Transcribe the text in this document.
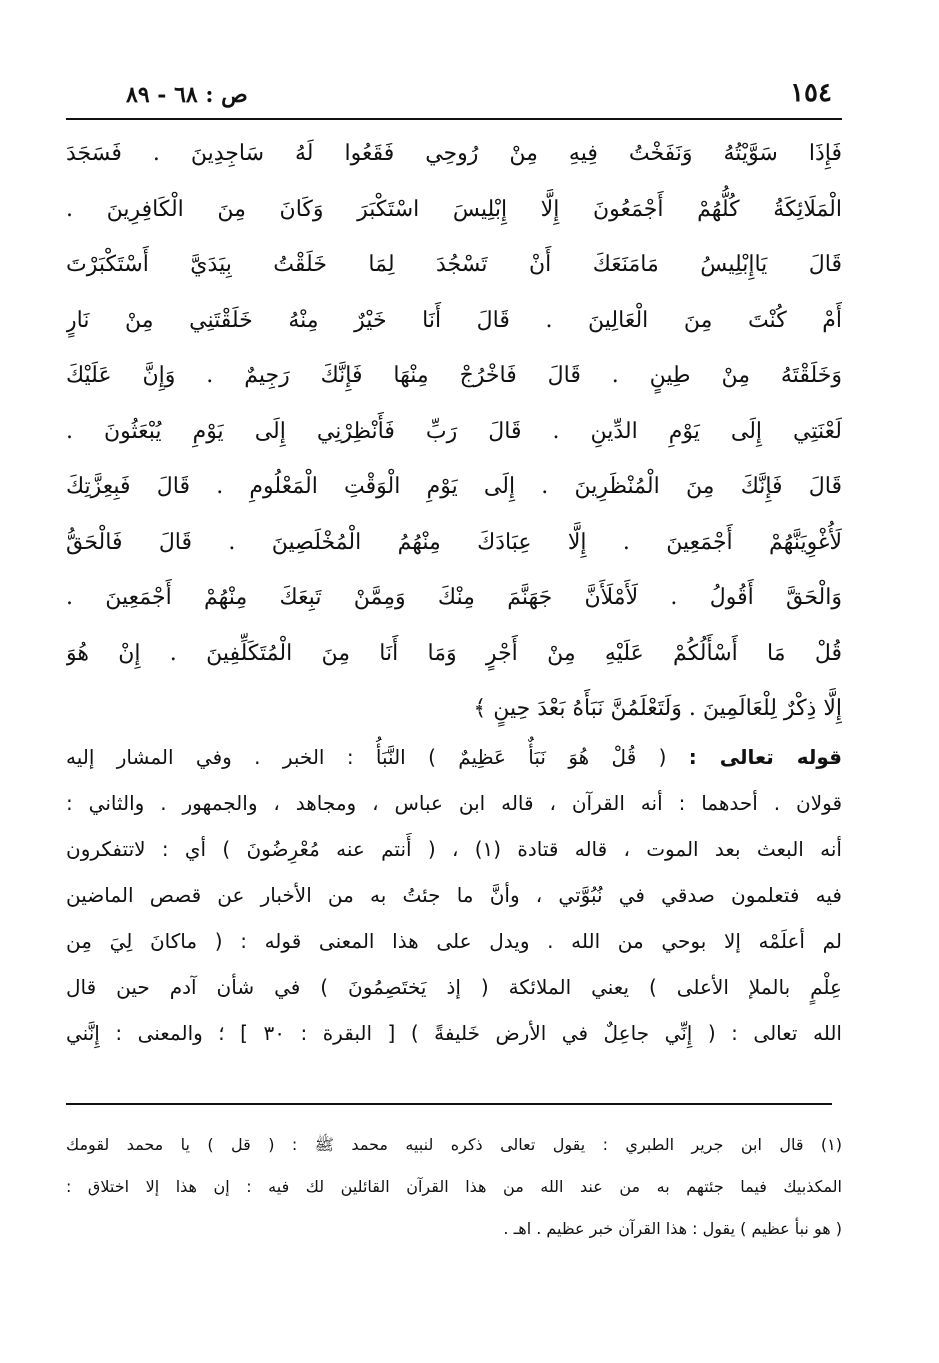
١٥٤
ص : ٦٨ - ٨٩
فَإِذَا سَوَّيْتُهُ وَنَفَخْتُ فِيهِ مِنْ رُوحِي فَقَعُوا لَهُ سَاجِدِينَ . فَسَجَدَ
الْمَلَائِكَةُ كُلُّهُمْ أَجْمَعُونَ إِلَّا إِبْلِيسَ اسْتَكْبَرَ وَكَانَ مِنَ الْكَافِرِينَ .
قَالَ يَاإِبْلِيسُ مَامَنَعَكَ أَنْ تَسْجُدَ لِمَا خَلَقْتُ بِيَدَيَّ أَسْتَكْبَرْتَ
أَمْ كُنْتَ مِنَ الْعَالِينَ . قَالَ أَنَا خَيْرٌ مِنْهُ خَلَقْتَنِي مِنْ نَارٍ
وَخَلَقْتَهُ مِنْ طِينٍ . قَالَ فَاخْرُجْ مِنْهَا فَإِنَّكَ رَجِيمٌ . وَإِنَّ عَلَيْكَ
لَعْنَتِي إِلَى يَوْمِ الدِّينِ . قَالَ رَبِّ فَأَنْظِرْنِي إِلَى يَوْمِ يُبْعَثُونَ .
قَالَ فَإِنَّكَ مِنَ الْمُنْظَرِينَ . إِلَى يَوْمِ الْوَقْتِ الْمَعْلُومِ . قَالَ فَبِعِزَّتِكَ
لَأُغْوِيَنَّهُمْ أَجْمَعِينَ . إِلَّا عِبَادَكَ مِنْهُمُ الْمُخْلَصِينَ . قَالَ فَالْحَقُّ
وَالْحَقَّ أَقُولُ . لَأَمْلَأَنَّ جَهَنَّمَ مِنْكَ وَمِمَّنْ تَبِعَكَ مِنْهُمْ أَجْمَعِينَ .
قُلْ مَا أَسْأَلُكُمْ عَلَيْهِ مِنْ أَجْرٍ وَمَا أَنَا مِنَ الْمُتَكَلِّفِينَ . إِنْ هُوَ
إِلَّا ذِكْرٌ لِلْعَالَمِينَ . وَلَتَعْلَمُنَّ نَبَأَهُ بَعْدَ حِينٍ ﴾
قوله تعالى : ( قُلْ هُوَ نَبَأٌ عَظِيمٌ ) النَّبَأُ : الخبر . وفي المشار إليه
قولان . أحدهما : أنه القرآن ، قاله ابن عباس ، ومجاهد ، والجمهور . والثاني :
أنه البعث بعد الموت ، قاله قتادة (١) ، ( أَنتم عنه مُعْرِضُونَ ) أي : لاتتفكرون
فيه فتعلمون صدقي في نُبُوَّتي ، وأنَّ ما جئتُ به من الأخبار عن قصص الماضين
لم أعلَمْه إلا بوحي من الله . ويدل على هذا المعنى قوله : ( ماكانَ لِيَ مِن
عِلْمٍ بالملإ الأعلى ) يعني الملائكة ( إذ يَختَصِمُونَ ) في شأن آدم حين قال
الله تعالى : ( إِنِّي جاعِلٌ في الأرض خَليفةً ) [ البقرة : ٣٠ ] ؛ والمعنى : إِنَّني
(١) قال ابن جرير الطبري : يقول تعالى ذكره لنبيه محمد ﷺ : ( قل ) يا محمد لقومك
المكذبيك فيما جئتهم به من عند الله من هذا القرآن القائلين لك فيه : إن هذا إلا اختلاق :
( هو نبأ عظيم ) يقول : هذا القرآن خبر عظيم . اهـ .
